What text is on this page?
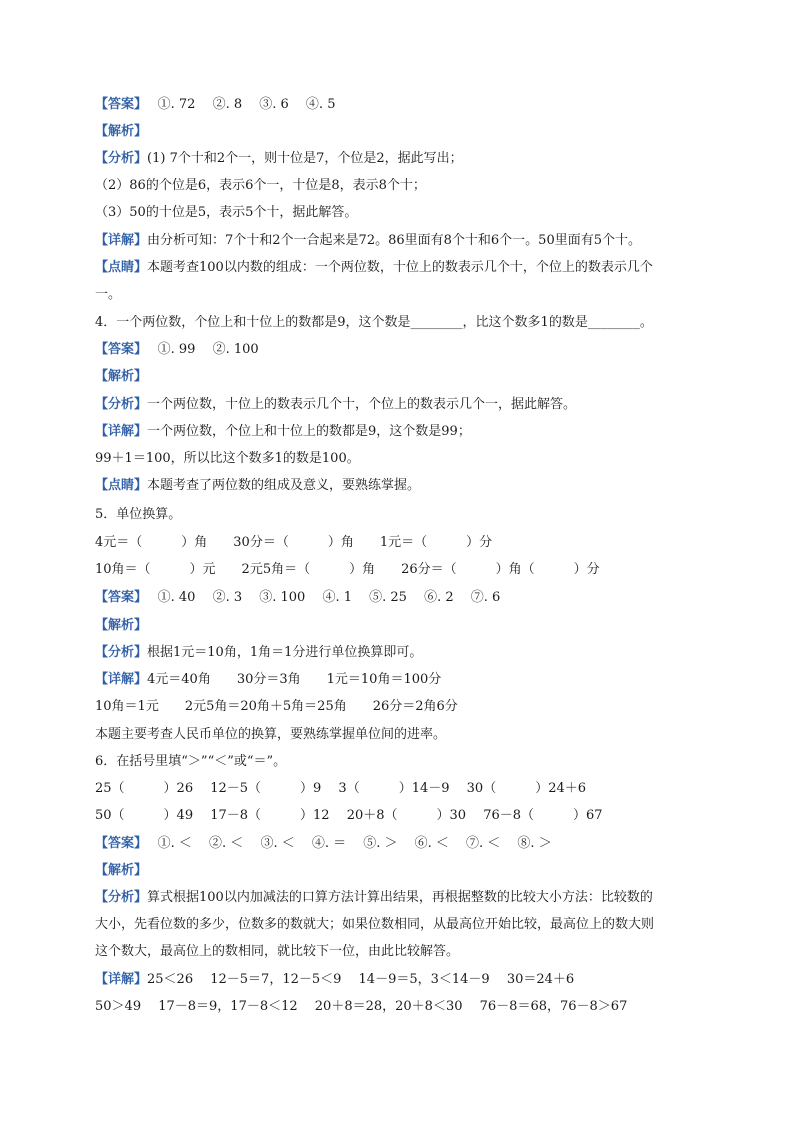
【答案】　 ①. 72　 ②. 8　 ③. 6　 ④. 5
【解析】
【分析】(1) 7个十和2个一，则十位是7，个位是2，据此写出；
（2）86的个位是6，表示6个一，十位是8，表示8个十；
（3）50的十位是5，表示5个十，据此解答。
【详解】由分析可知：7个十和2个一合起来是72。86里面有8个十和6个一。50里面有5个十。
【点睛】本题考查100以内数的组成：一个两位数，十位上的数表示几个十，个位上的数表示几个
一。
4．一个两位数，个位上和十位上的数都是9，这个数是________，比这个数多1的数是________。
【答案】　 ①. 99　 ②. 100
【解析】
【分析】一个两位数，十位上的数表示几个十，个位上的数表示几个一，据此解答。
【详解】一个两位数，个位上和十位上的数都是9，这个数是99；
99＋1＝100，所以比这个数多1的数是100。
【点睛】本题考查了两位数的组成及意义，要熟练掌握。
5．单位换算。
4元＝（　　　）角　　30分＝（　　　）角　　1元＝（　　　）分
10角＝（　　　）元　　2元5角＝（　　　）角　　26分＝（　　　）角（　　　）分
【答案】　 ①. 40　 ②. 3　 ③. 100　 ④. 1　 ⑤. 25　 ⑥. 2　 ⑦. 6
【解析】
【分析】根据1元＝10角，1角＝1分进行单位换算即可。
【详解】4元＝40角　　30分＝3角　　1元＝10角＝100分
10角＝1元　　2元5角＝20角＋5角＝25角　　26分＝2角6分
本题主要考查人民币单位的换算，要熟练掌握单位间的进率。
6．在括号里填“＞”“＜”或“＝”。
25（　　　）26　 12－5（　　　）9　 3（　　　）14－9　 30（　　　）24＋6
50（　　　）49　 17－8（　　　）12　 20＋8（　　　）30　 76－8（　　　）67
【答案】　 ①. ＜　 ②. ＜　 ③. ＜　 ④. ＝　 ⑤. ＞　 ⑥. ＜　 ⑦. ＜　 ⑧. ＞
【解析】
【分析】算式根据100以内加减法的口算方法计算出结果，再根据整数的比较大小方法：比较数的
大小，先看位数的多少，位数多的数就大；如果位数相同，从最高位开始比较，最高位上的数大则
这个数大，最高位上的数相同，就比较下一位，由此比较解答。
【详解】25＜26　 12－5＝7，12－5＜9　 14－9＝5，3＜14－9　 30＝24＋6
50＞49　 17－8＝9，17－8＜12　 20＋8＝28，20＋8＜30　 76－8＝68，76－8＞67
